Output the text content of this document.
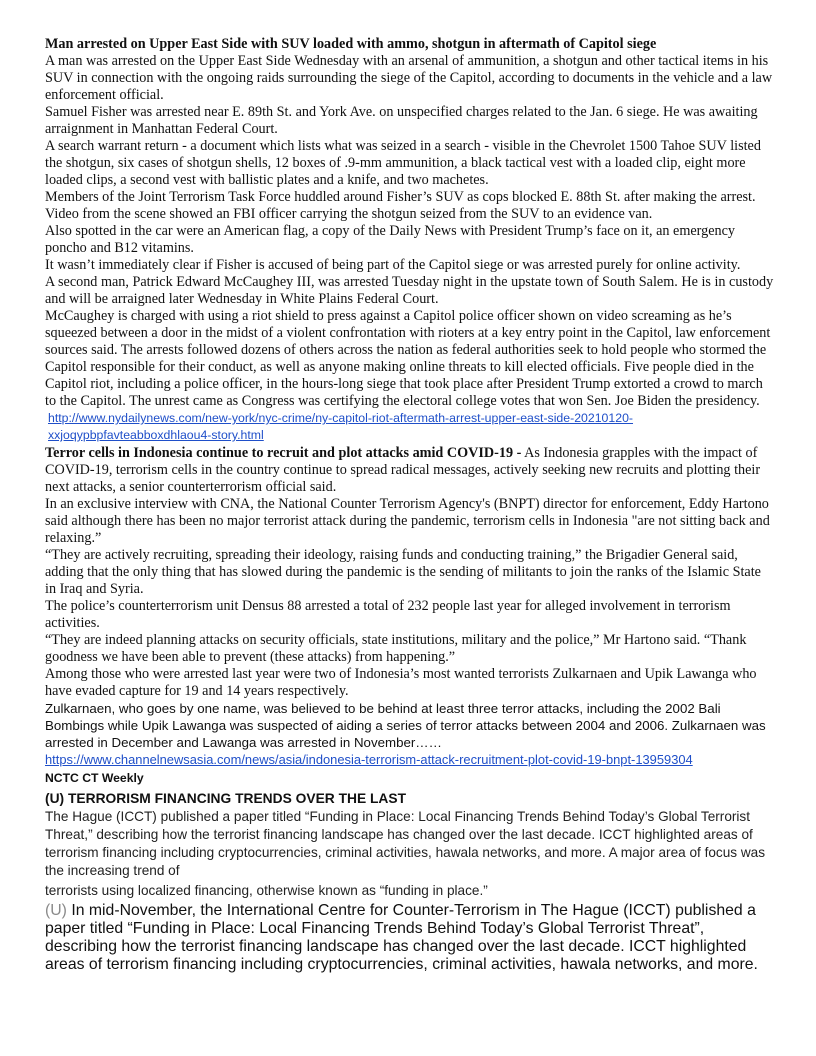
Man arrested on Upper East Side with SUV loaded with ammo, shotgun in aftermath of Capitol siege

A man was arrested on the Upper East Side Wednesday with an arsenal of ammunition, a shotgun and other tactical items in his SUV in connection with the ongoing raids surrounding the siege of the Capitol, according to documents in the vehicle and a law enforcement official.

Samuel Fisher was arrested near E. 89th St. and York Ave. on unspecified charges related to the Jan. 6 siege. He was awaiting arraignment in Manhattan Federal Court.

A search warrant return - a document which lists what was seized in a search - visible in the Chevrolet 1500 Tahoe SUV listed the shotgun, six cases of shotgun shells, 12 boxes of .9-mm ammunition, a black tactical vest with a loaded clip, eight more loaded clips, a second vest with ballistic plates and a knife, and two machetes.

Members of the Joint Terrorism Task Force huddled around Fisher’s SUV as cops blocked E. 88th St. after making the arrest. Video from the scene showed an FBI officer carrying the shotgun seized from the SUV to an evidence van.

Also spotted in the car were an American flag, a copy of the Daily News with President Trump’s face on it, an emergency poncho and B12 vitamins.

It wasn’t immediately clear if Fisher is accused of being part of the Capitol siege or was arrested purely for online activity.

A second man, Patrick Edward McCaughey III, was arrested Tuesday night in the upstate town of South Salem. He is in custody and will be arraigned later Wednesday in White Plains Federal Court.

McCaughey is charged with using a riot shield to press against a Capitol police officer shown on video screaming as he’s squeezed between a door in the midst of a violent confrontation with rioters at a key entry point in the Capitol, law enforcement sources said. The arrests followed dozens of others across the nation as federal authorities seek to hold people who stormed the Capitol responsible for their conduct, as well as anyone making online threats to kill elected officials. Five people died in the Capitol riot, including a police officer, in the hours-long siege that took place after President Trump extorted a crowd to march to the Capitol. The unrest came as Congress was certifying the electoral college votes that won Sen. Joe Biden the presidency.

http://www.nydailynews.com/new-york/nyc-crime/ny-capitol-riot-aftermath-arrest-upper-east-side-20210120-xxjoqypbpfavteabboxdhlaou4-story.html

Terror cells in Indonesia continue to recruit and plot attacks amid COVID-19 - As Indonesia grapples with the impact of COVID-19, terrorism cells in the country continue to spread radical messages, actively seeking new recruits and plotting their next attacks, a senior counterterrorism official said.

In an exclusive interview with CNA, the National Counter Terrorism Agency's (BNPT) director for enforcement, Eddy Hartono said although there has been no major terrorist attack during the pandemic, terrorism cells in Indonesia "are not sitting back and relaxing.”

“They are actively recruiting, spreading their ideology, raising funds and conducting training,” the Brigadier General said, adding that the only thing that has slowed during the pandemic is the sending of militants to join the ranks of the Islamic State in Iraq and Syria.

The police’s counterterrorism unit Densus 88 arrested a total of 232 people last year for alleged involvement in terrorism activities.

“They are indeed planning attacks on security officials, state institutions, military and the police,” Mr Hartono said. “Thank goodness we have been able to prevent (these attacks) from happening.”

Among those who were arrested last year were two of Indonesia’s most wanted terrorists Zulkarnaen and Upik Lawanga who have evaded capture for 19 and 14 years respectively.

Zulkarnaen, who goes by one name, was believed to be behind at least three terror attacks, including the 2002 Bali Bombings while Upik Lawanga was suspected of aiding a series of terror attacks between 2004 and 2006. Zulkarnaen was arrested in December and Lawanga was arrested in November……

https://www.channelnewsasia.com/news/asia/indonesia-terrorism-attack-recruitment-plot-covid-19-bnpt-13959304

NCTC CT Weekly

(U) TERRORISM FINANCING TRENDS OVER THE LAST

The Hague (ICCT) published a paper titled “Funding in Place: Local Financing Trends Behind Today’s Global Terrorist Threat,” describing how the terrorist financing landscape has changed over the last decade. ICCT highlighted areas of terrorism financing including cryptocurrencies, criminal activities, hawala networks, and more. A major area of focus was the increasing trend of

terrorists using localized financing, otherwise known as “funding in place.”

(U) In mid-November, the International Centre for Counter-Terrorism in The Hague (ICCT) published a paper titled “Funding in Place: Local Financing Trends Behind Today’s Global Terrorist Threat”, describing how the terrorist financing landscape has changed over the last decade. ICCT highlighted areas of terrorism financing including cryptocurrencies, criminal activities, hawala networks, and more.
